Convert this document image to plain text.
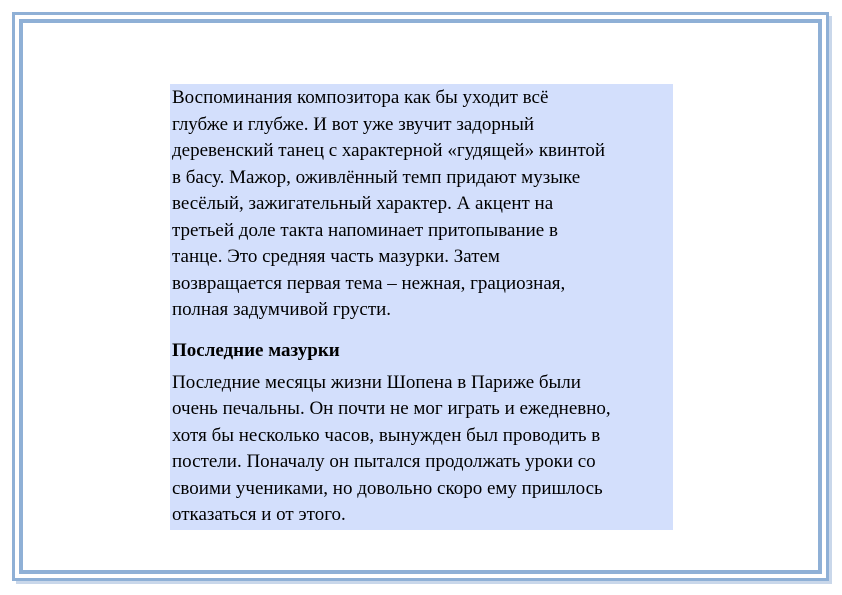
Воспоминания композитора как бы уходит всё
глубже и глубже. И вот уже звучит задорный
деревенский танец с характерной «гудящей» квинтой
в басу. Мажор, оживлённый темп придают музыке
весёлый, зажигательный характер. А акцент на
третьей доле такта напоминает притопывание в
танце. Это средняя часть мазурки. Затем
возвращается первая тема – нежная, грациозная,
полная задумчивой грусти.

Последние мазурки

Последние месяцы жизни Шопена в Париже были
очень печальны. Он почти не мог играть и ежедневно,
хотя бы несколько часов, вынужден был проводить в
постели. Поначалу он пытался продолжать уроки со
своими учениками, но довольно скоро ему пришлось
отказаться и от этого.
